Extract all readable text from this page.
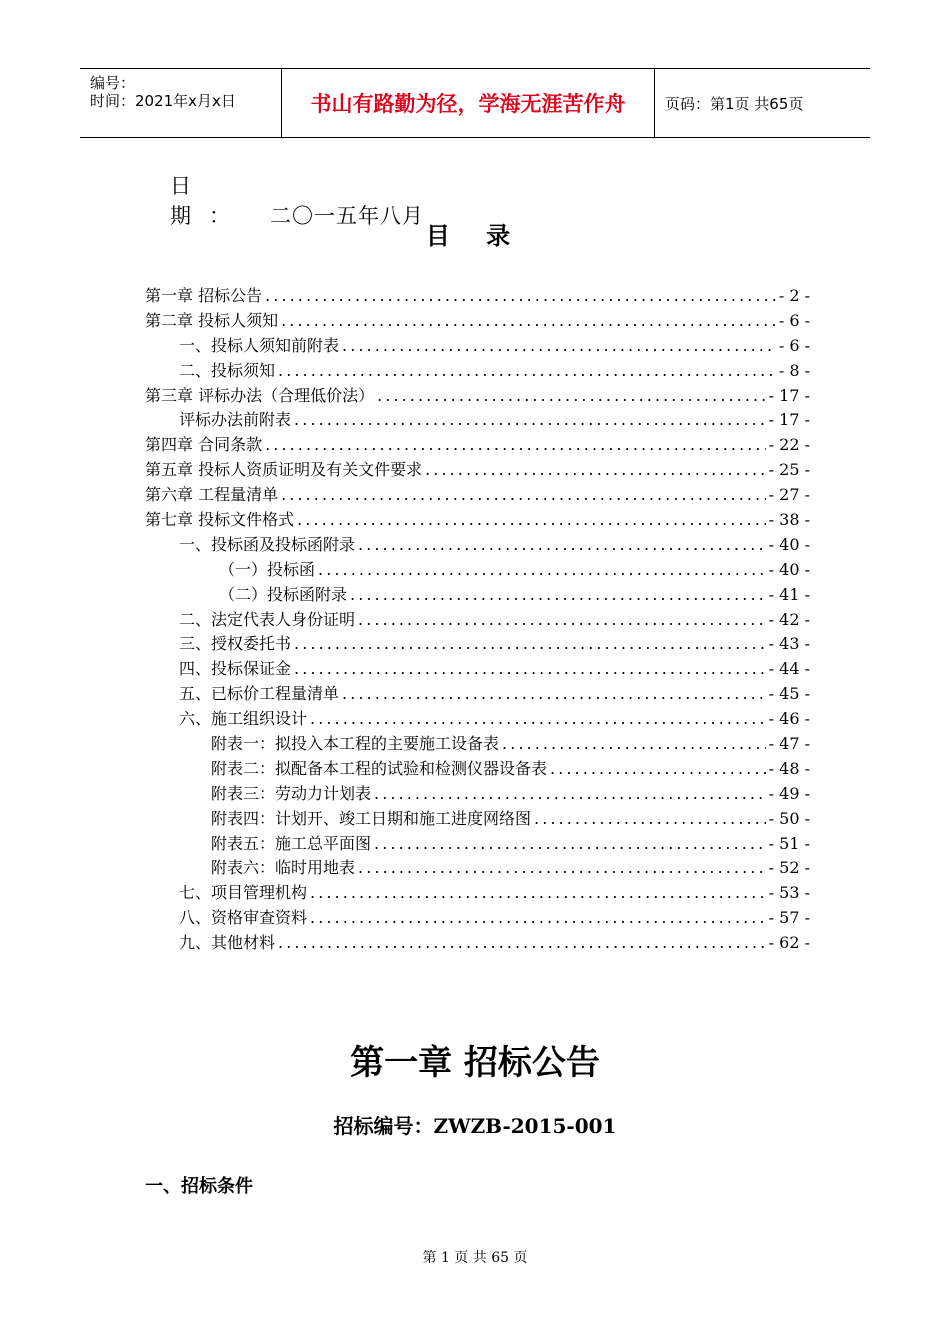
编号：
时间：2021年x月x日	书山有路勤为径，学海无涯苦作舟	页码：第1页 共65页
日 期： 二〇一五年八月
目 录
第一章 招标公告 . . .	- 2 -
第二章 投标人须知 . . .	- 6 -
一、投标人须知前附表 . . .	- 6 -
二、投标须知 . . .	- 8 -
第三章 评标办法（合理低价法） . . .	- 17 -
评标办法前附表 . . .	- 17 -
第四章 合同条款 . . .	- 22 -
第五章 投标人资质证明及有关文件要求 . . .	- 25 -
第六章 工程量清单 . . .	- 27 -
第七章 投标文件格式 . . .	- 38 -
一、投标函及投标函附录 . . .	- 40 -
（一）投标函 . . .	- 40 -
（二）投标函附录 . . .	- 41 -
二、法定代表人身份证明 . . .	- 42 -
三、授权委托书 . . .	- 43 -
四、投标保证金 . . .	- 44 -
五、已标价工程量清单 . . .	- 45 -
六、施工组织设计 . . .	- 46 -
附表一：拟投入本工程的主要施工设备表 . . .	- 47 -
附表二：拟配备本工程的试验和检测仪器设备表 . . .	- 48 -
附表三：劳动力计划表 . . .	- 49 -
附表四：计划开、竣工日期和施工进度网络图 . . .	- 50 -
附表五：施工总平面图 . . .	- 51 -
附表六：临时用地表 . . .	- 52 -
七、项目管理机构 . . .	- 53 -
八、资格审查资料 . . .	- 57 -
九、其他材料 . . .	- 62 -
第一章 招标公告
招标编号：ZWZB-2015-001
一、招标条件
第 1 页 共 65 页
